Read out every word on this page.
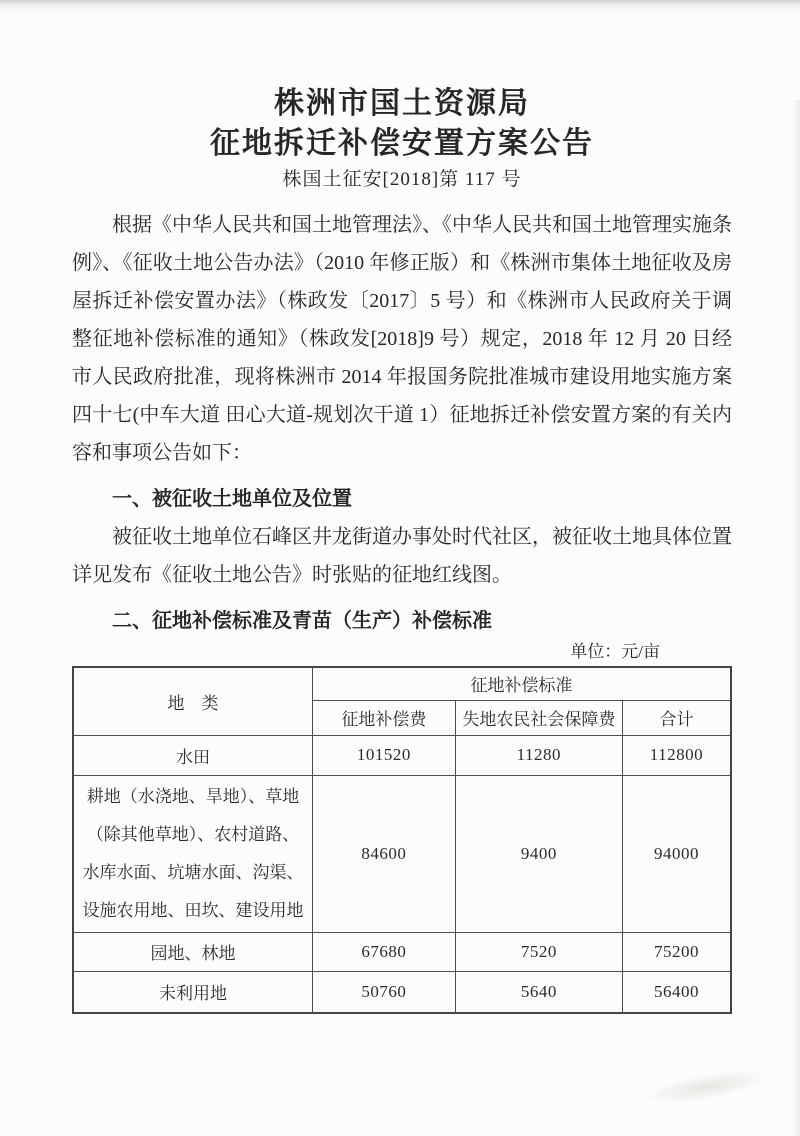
株洲市国土资源局
征地拆迁补偿安置方案公告
株国土征安[2018]第 117 号

根据《中华人民共和国土地管理法》、《中华人民共和国土地管理实施条例》、《征收土地公告办法》（2010 年修正版）和《株洲市集体土地征收及房屋拆迁补偿安置办法》（株政发〔2017〕5 号）和《株洲市人民政府关于调整征地补偿标准的通知》（株政发[2018]9 号）规定，2018 年 12 月 20 日经市人民政府批准，现将株洲市 2014 年报国务院批准城市建设用地实施方案四十七(中车大道 田心大道-规划次干道 1）征地拆迁补偿安置方案的有关内容和事项公告如下：

一、被征收土地单位及位置

被征收土地单位石峰区井龙街道办事处时代社区，被征收土地具体位置详见发布《征收土地公告》时张贴的征地红线图。

二、征地补偿标准及青苗（生产）补偿标准

单位：元/亩
地　类	征地补偿标准		
	征地补偿费	失地农民社会保障费	合计
水田	101520	11280	112800
耕地（水浇地、旱地）、草地（除其他草地）、农村道路、水库水面、坑塘水面、沟渠、设施农用地、田坎、建设用地	84600	9400	94000
园地、林地	67680	7520	75200
未利用地	50760	5640	56400
